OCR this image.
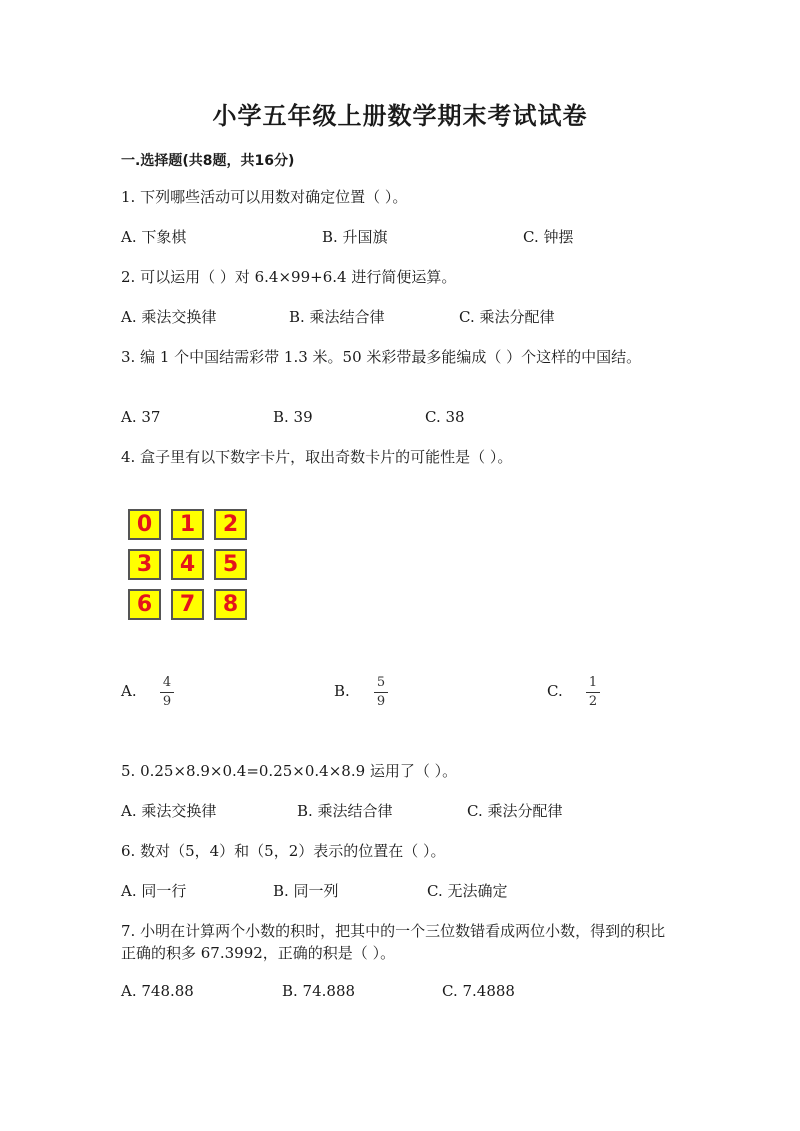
小学五年级上册数学期末考试试卷
一.选择题(共8题，共16分)
1. 下列哪些活动可以用数对确定位置（ ）。
A. 下象棋	B. 升国旗	C. 钟摆
2. 可以运用（ ）对 6.4×99+6.4 进行简便运算。
A. 乘法交换律	B. 乘法结合律	C. 乘法分配律
3. 编 1 个中国结需彩带 1.3 米。50 米彩带最多能编成（ ）个这样的中国结。
A. 37	B. 39	C. 38
4. 盒子里有以下数字卡片，取出奇数卡片的可能性是（ ）。
0	1	2
3	4	5
6	7	8
A.	4
9
B.	5
9
C.	1
2
5. 0.25×8.9×0.4=0.25×0.4×8.9 运用了（ ）。
A. 乘法交换律	B. 乘法结合律	C. 乘法分配律
6. 数对（5，4）和（5，2）表示的位置在（ ）。
A. 同一行	B. 同一列	C. 无法确定
7. 小明在计算两个小数的积时，把其中的一个三位数错看成两位小数，得到的积比正确的积多 67.3992，正确的积是（ ）。
A. 748.88	B. 74.888	C. 7.4888
